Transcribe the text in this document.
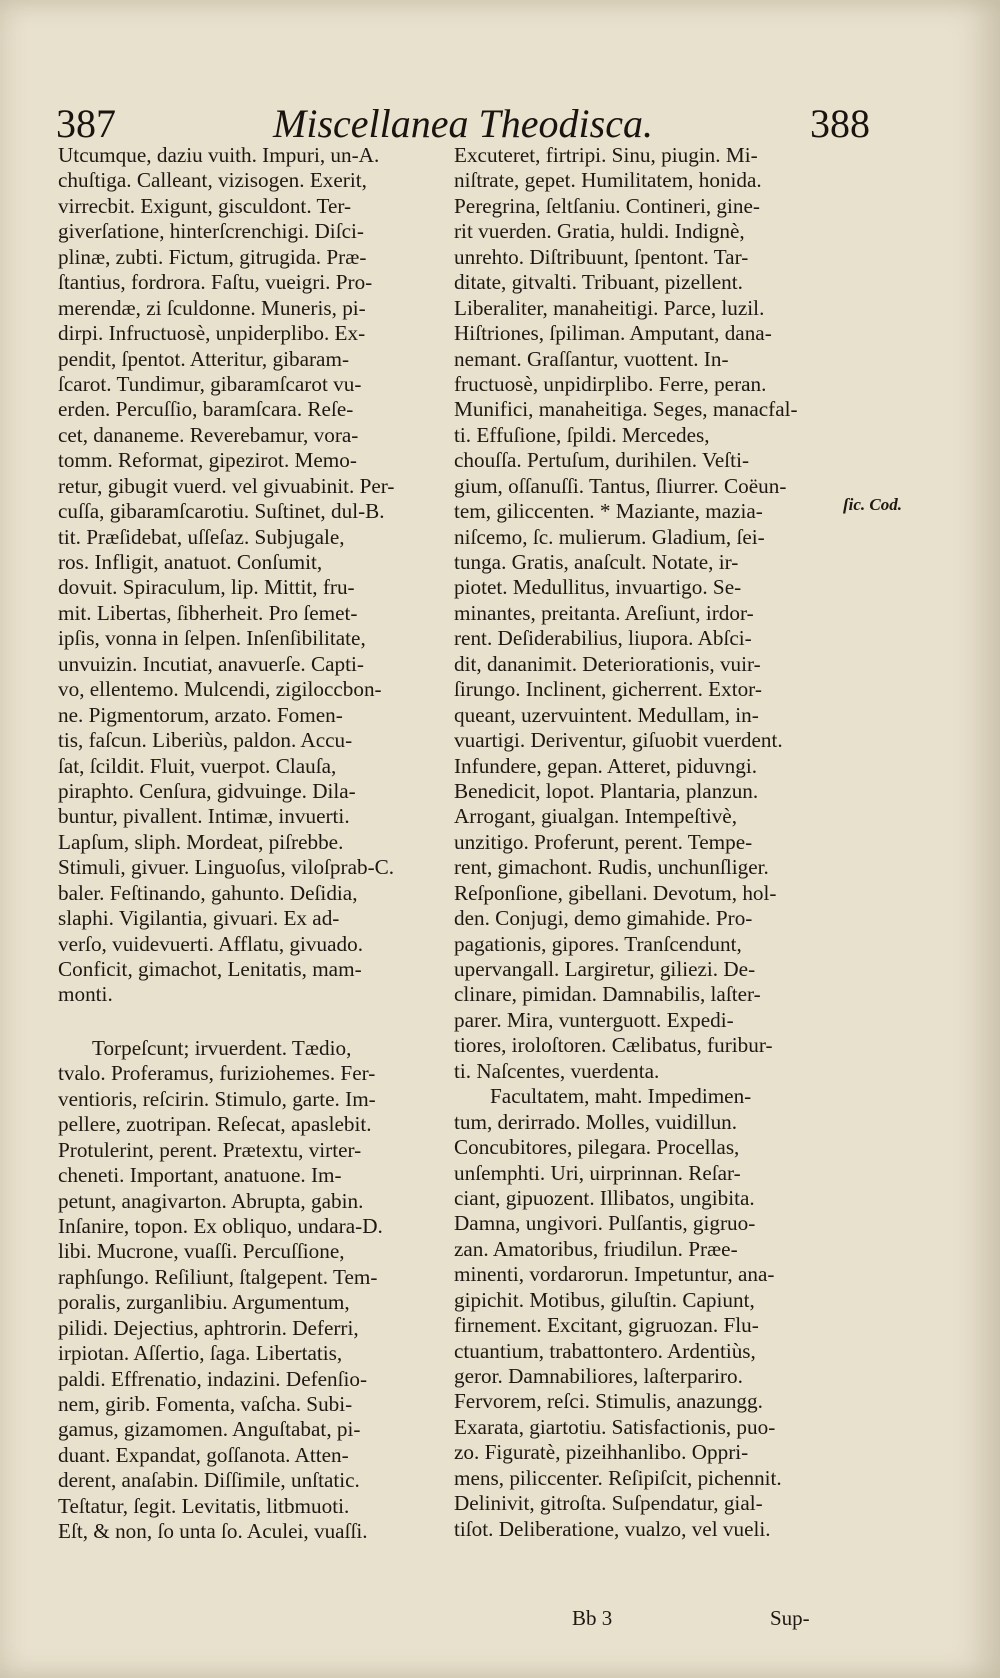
387	Miscellanea Theodisca.	388
Utcumque, daziu vuith. Impuri, un-A.
chuſtiga. Calleant, vizisogen. Exerit,
virrecbit. Exigunt, gisculdont. Ter-
giverſatione, hinterſcrenchigi. Diſci-
plinæ, zubti. Fictum, gitrugida. Præ-
ſtantius, fordrora. Faſtu, vueigri. Pro-
merendæ, zi ſculdonne. Muneris, pi-
dirpi. Infructuosè, unpiderplibo. Ex-
pendit, ſpentot. Atteritur, gibaram-
ſcarot. Tundimur, gibaramſcarot vu-
erden. Percuſſio, baramſcara. Reſe-
cet, dananeme. Reverebamur, vora-
tomm. Reformat, gipezirot. Memo-
retur, gibugit vuerd. vel givuabinit. Per-
cuſſa, gibaramſcarotiu. Suſtinet, dul-B.
tit. Præſidebat, uſſeſaz. Subjugale,
ros. Infligit, anatuot. Conſumit,
dovuit. Spiraculum, lip. Mittit, fru-
mit. Libertas, ſibherheit. Pro ſemet-
ipſis, vonna in ſelpen. Inſenſibilitate,
unvuizin. Incutiat, anavuerſe. Capti-
vo, ellentemo. Mulcendi, zigiloccbon-
ne. Pigmentorum, arzato. Fomen-
tis, faſcun. Liberiùs, paldon. Accu-
ſat, ſcildit. Fluit, vuerpot. Clauſa,
piraphto. Cenſura, gidvuinge. Dila-
buntur, pivallent. Intimæ, invuerti.
Lapſum, sliph. Mordeat, piſrebbe.
Stimuli, givuer. Linguoſus, viloſprab-C.
baler. Feſtinando, gahunto. Deſidia,
slaphi. Vigilantia, givuari. Ex ad-
verſo, vuidevuerti. Afflatu, givuado.
Conficit, gimachot, Lenitatis, mam-
monti.
Torpeſcunt; irvuerdent. Tædio,
tvalo. Proferamus, furiziohemes. Fer-
ventioris, reſcirin. Stimulo, garte. Im-
pellere, zuotripan. Reſecat, apaslebit.
Protulerint, perent. Prætextu, virter-
cheneti. Important, anatuone. Im-
petunt, anagivarton. Abrupta, gabin.
Inſanire, topon. Ex obliquo, undara-D.
libi. Mucrone, vuaſſi. Percuſſione,
raphſungo. Reſiliunt, ſtalgepent. Tem-
poralis, zurganlibiu. Argumentum,
pilidi. Dejectius, aphtrorin. Deferri,
irpiotan. Aſſertio, ſaga. Libertatis,
paldi. Effrenatio, indazini. Defenſio-
nem, girib. Fomenta, vaſcha. Subi-
gamus, gizamomen. Anguſtabat, pi-
duant. Expandat, goſſanota. Atten-
derent, anaſabin. Diſſimile, unſtatic.
Teſtatur, ſegit. Levitatis, litbmuoti.
Eſt, & non, ſo unta ſo. Aculei, vuaſſi.
Excuteret, firtripi. Sinu, piugin. Mi-
niſtrate, gepet. Humilitatem, honida.
Peregrina, ſeltſaniu. Contineri, gine-
rit vuerden. Gratia, huldi. Indignè,
unrehto. Diſtribuunt, ſpentont. Tar-
ditate, gitvalti. Tribuant, pizellent.
Liberaliter, manaheitigi. Parce, luzil.
Hiſtriones, ſpiliman. Amputant, dana-
nemant. Graſſantur, vuottent. In-
fructuosè, unpidirplibo. Ferre, peran.
Munifici, manaheitiga. Seges, manacfal-
ti. Effuſione, ſpildi. Mercedes,
chouſſa. Pertuſum, durihilen. Veſti-
gium, oſſanuſſi. Tantus, ſliurrer. Coëun-
tem, giliccenten. * Maziante, mazia-
niſcemo, ſc. mulierum. Gladium, ſei-
tunga. Gratis, anaſcult. Notate, ir-
piotet. Medullitus, invuartigo. Se-
minantes, preitanta. Areſiunt, irdor-
rent. Deſiderabilius, liupora. Abſci-
dit, dananimit. Deteriorationis, vuir-
ſirungo. Inclinent, gicherrent. Extor-
queant, uzervuintent. Medullam, in-
vuartigi. Deriventur, giſuobit vuerdent.
Infundere, gepan. Atteret, piduvngi.
Benedicit, lopot. Plantaria, planzun.
Arrogant, giualgan. Intempeſtivè,
unzitigo. Proferunt, perent. Tempe-
rent, gimachont. Rudis, unchunſliger.
Reſponſione, gibellani. Devotum, hol-
den. Conjugi, demo gimahide. Pro-
pagationis, gipores. Tranſcendunt,
upervangall. Largiretur, giliezi. De-
clinare, pimidan. Damnabilis, laſter-
parer. Mira, vunterguott. Expedi-
tiores, iroloſtoren. Cælibatus, furibur-
ti. Naſcentes, vuerdenta.
Facultatem, maht. Impedimen-
tum, derirrado. Molles, vuidillun.
Concubitores, pilegara. Procellas,
unſemphti. Uri, uirprinnan. Reſar-
ciant, gipuozent. Illibatos, ungibita.
Damna, ungivori. Pulſantis, gigruo-
zan. Amatoribus, friudilun. Præe-
minenti, vordarorun. Impetuntur, ana-
gipichit. Motibus, giluſtin. Capiunt,
firnement. Excitant, gigruozan. Flu-
ctuantium, trabattontero. Ardentiùs,
geror. Damnabiliores, laſterpariro.
Fervorem, reſci. Stimulis, anazungg.
Exarata, giartotiu. Satisfactionis, puo-
zo. Figuratè, pizeihhanlibo. Oppri-
mens, piliccenter. Reſipiſcit, pichennit.
Delinivit, gitroſta. Suſpendatur, gial-
tiſot. Deliberatione, vualzo, vel vueli.
ſic. Cod.
Bb 3	Sup-
